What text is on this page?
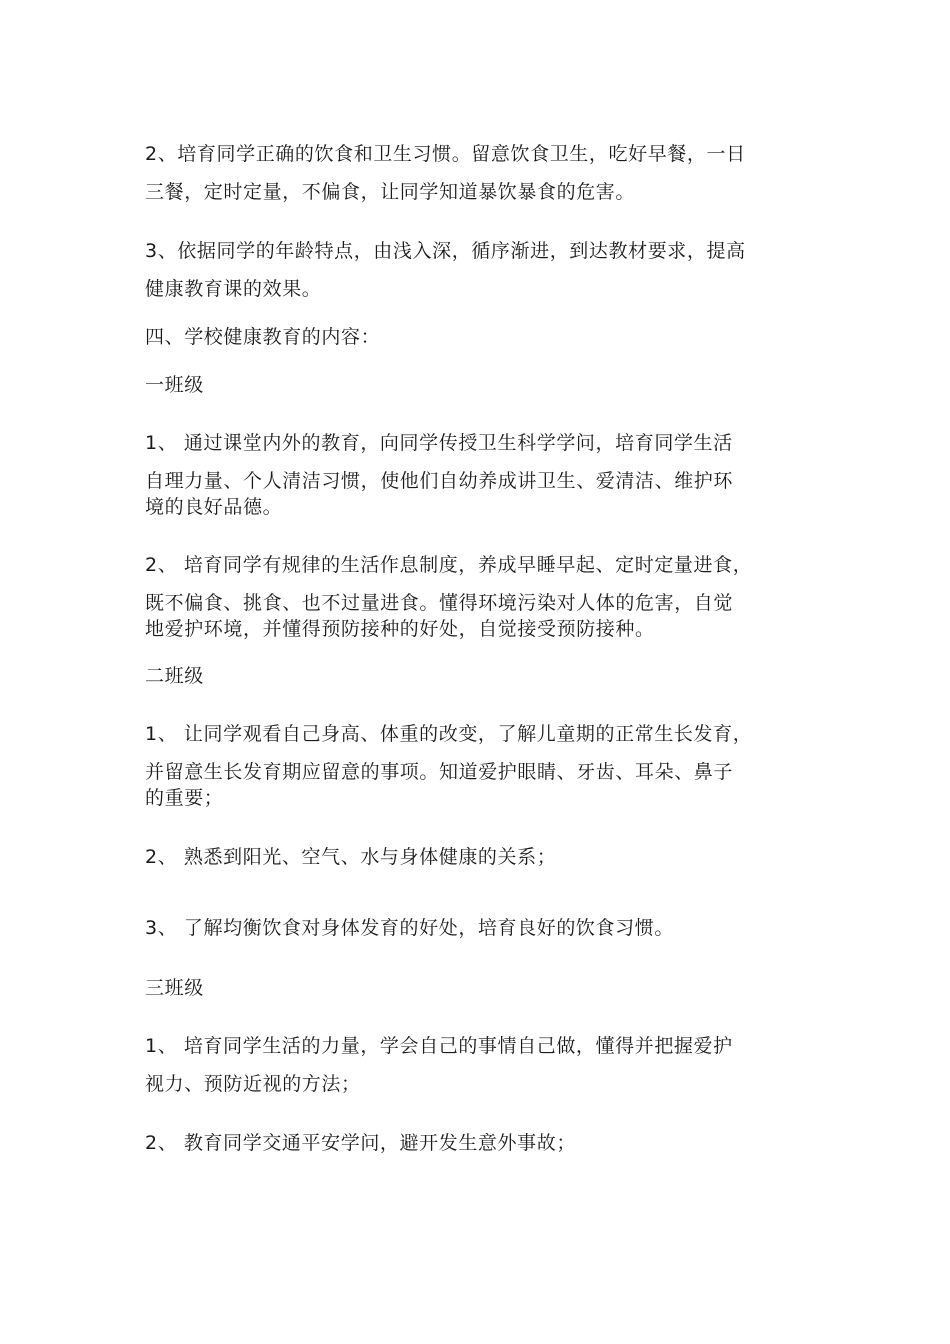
2、培育同学正确的饮食和卫生习惯。留意饮食卫生，吃好早餐，一日
三餐，定时定量，不偏食，让同学知道暴饮暴食的危害。
3、依据同学的年龄特点，由浅入深，循序渐进，到达教材要求，提高
健康教育课的效果。
四、学校健康教育的内容：
一班级
1、 通过课堂内外的教育，向同学传授卫生科学学问，培育同学生活
自理力量、个人清洁习惯，使他们自幼养成讲卫生、爱清洁、维护环
境的良好品德。
2、 培育同学有规律的生活作息制度，养成早睡早起、定时定量进食，
既不偏食、挑食、也不过量进食。懂得环境污染对人体的危害，自觉
地爱护环境，并懂得预防接种的好处，自觉接受预防接种。
二班级
1、 让同学观看自己身高、体重的改变，了解儿童期的正常生长发育，
并留意生长发育期应留意的事项。知道爱护眼睛、牙齿、耳朵、鼻子
的重要；
2、 熟悉到阳光、空气、水与身体健康的关系；
3、 了解均衡饮食对身体发育的好处，培育良好的饮食习惯。
三班级
1、 培育同学生活的力量，学会自己的事情自己做，懂得并把握爱护
视力、预防近视的方法；
2、 教育同学交通平安学问，避开发生意外事故；
